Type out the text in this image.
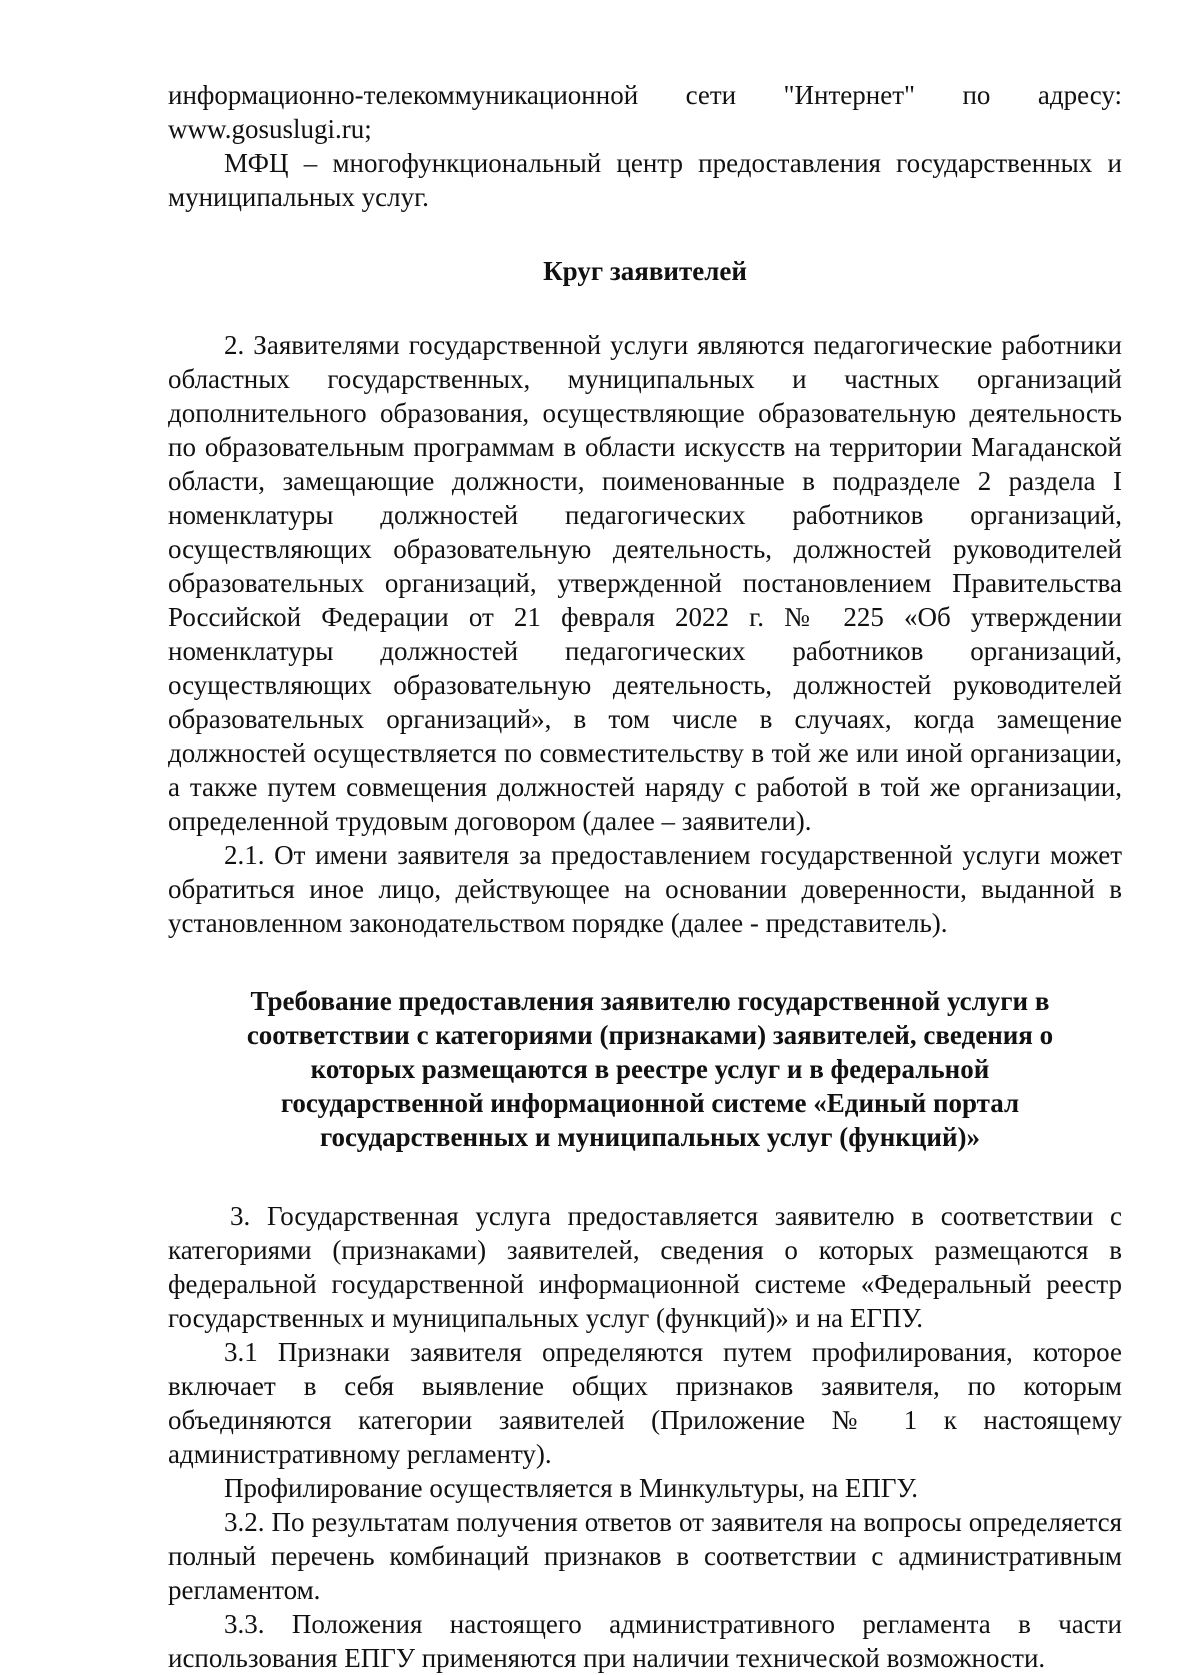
информационно-телекоммуникационной сети "Интернет" по адресу:

www.gosuslugi.ru;

МФЦ – многофункциональный центр предоставления государственных и муниципальных услуг.

Круг заявителей

2. Заявителями государственной услуги являются педагогические работники областных государственных, муниципальных и частных организаций дополнительного образования, осуществляющие образовательную деятельность по образовательным программам в области искусств на территории Магаданской области, замещающие должности, поименованные в подразделе 2 раздела I номенклатуры должностей педагогических работников организаций, осуществляющих образовательную деятельность, должностей руководителей образовательных организаций, утвержденной постановлением Правительства Российской Федерации от 21 февраля 2022 г. № 225 «Об утверждении номенклатуры должностей педагогических работников организаций, осуществляющих образовательную деятельность, должностей руководителей образовательных организаций», в том числе в случаях, когда замещение должностей осуществляется по совместительству в той же или иной организации, а также путем совмещения должностей наряду с работой в той же организации, определенной трудовым договором (далее – заявители).

2.1. От имени заявителя за предоставлением государственной услуги может обратиться иное лицо, действующее на основании доверенности, выданной в установленном законодательством порядке (далее - представитель).

Требование предоставления заявителю государственной услуги в соответствии с категориями (признаками) заявителей, сведения о которых размещаются в реестре услуг и в федеральной государственной информационной системе «Единый портал государственных и муниципальных услуг (функций)»

3. Государственная услуга предоставляется заявителю в соответствии с категориями (признаками) заявителей, сведения о которых размещаются в федеральной государственной информационной системе «Федеральный реестр государственных и муниципальных услуг (функций)» и на ЕГПУ.

3.1 Признаки заявителя определяются путем профилирования, которое включает в себя выявление общих признаков заявителя, по которым объединяются категории заявителей (Приложение № 1 к настоящему административному регламенту).

Профилирование осуществляется в Минкультуры, на ЕПГУ.

3.2. По результатам получения ответов от заявителя на вопросы определяется полный перечень комбинаций признаков в соответствии с административным регламентом.

3.3. Положения настоящего административного регламента в части использования ЕПГУ применяются при наличии технической возможности.
